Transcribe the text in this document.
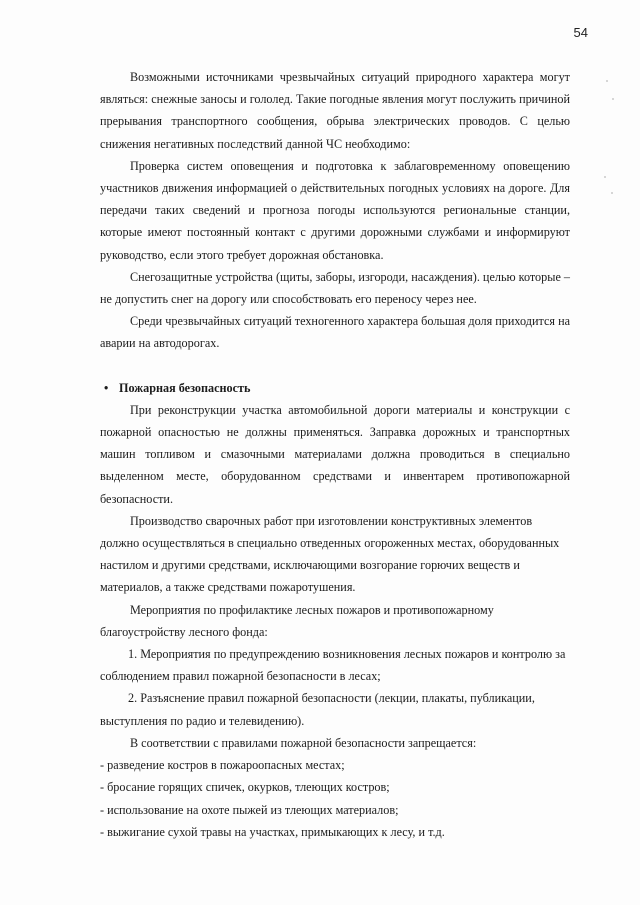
54

Возможными источниками чрезвычайных ситуаций природного характера могут являться: снежные заносы и гололед. Такие погодные явления могут послужить причиной прерывания транспортного сообщения, обрыва электрических проводов. С целью снижения негативных последствий данной ЧС необходимо:

Проверка систем оповещения и подготовка к заблаговременному оповещению участников движения информацией о действительных погодных условиях на дороге. Для передачи таких сведений и прогноза погоды используются региональные станции, которые имеют постоянный контакт с другими дорожными службами и информируют руководство, если этого требует дорожная обстановка.

Снегозащитные устройства (щиты, заборы, изгороди, насаждения). целью которые – не допустить снег на дорогу или способствовать его переносу через нее.

Среди чрезвычайных ситуаций техногенного характера большая доля приходится на аварии на автодорогах.

• Пожарная безопасность

При реконструкции участка автомобильной дороги материалы и конструкции с пожарной опасностью не должны применяться. Заправка дорожных и транспортных машин топливом и смазочными материалами должна проводиться в специально выделенном месте, оборудованном средствами и инвентарем противопожарной безопасности.

Производство сварочных работ при изготовлении конструктивных элементов должно осуществляться в специально отведенных огороженных местах, оборудованных настилом и другими средствами, исключающими возгорание горючих веществ и материалов, а также средствами пожаротушения.

Мероприятия по профилактике лесных пожаров и противопожарному благоустройству лесного фонда:

1. Мероприятия по предупреждению возникновения лесных пожаров и контролю за соблюдением правил пожарной безопасности в лесах;

2. Разъяснение правил пожарной безопасности (лекции, плакаты, публикации, выступления по радио и телевидению).

В соответствии с правилами пожарной безопасности запрещается:

- разведение костров в пожароопасных местах;

- бросание горящих спичек, окурков, тлеющих костров;

- использование на охоте пыжей из тлеющих материалов;

- выжигание сухой травы на участках, примыкающих к лесу, и т.д.
